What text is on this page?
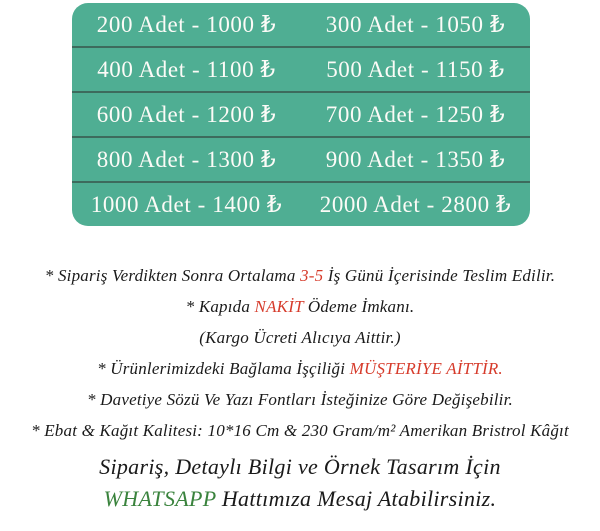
200 Adet - 1000 ₺	300 Adet - 1050 ₺
400 Adet - 1100 ₺	500 Adet - 1150 ₺
600 Adet - 1200 ₺	700 Adet - 1250 ₺
800 Adet - 1300 ₺	900 Adet - 1350 ₺
1000 Adet - 1400 ₺	2000 Adet - 2800 ₺

* Sipariş Verdikten Sonra Ortalama 3-5 İş Günü İçerisinde Teslim Edilir.

* Kapıda NAKİT Ödeme İmkanı.

(Kargo Ücreti Alıcıya Aittir.)

* Ürünlerimizdeki Bağlama İşçiliği MÜŞTERİYE AİTTİR.

* Davetiye Sözü Ve Yazı Fontları İsteğinize Göre Değişebilir.

* Ebat & Kağıt Kalitesi: 10*16 Cm & 230 Gram/m² Amerikan Bristrol Kâğıt

Sipariş, Detaylı Bilgi ve Örnek Tasarım İçin

WHATSAPP Hattımıza Mesaj Atabilirsiniz.
